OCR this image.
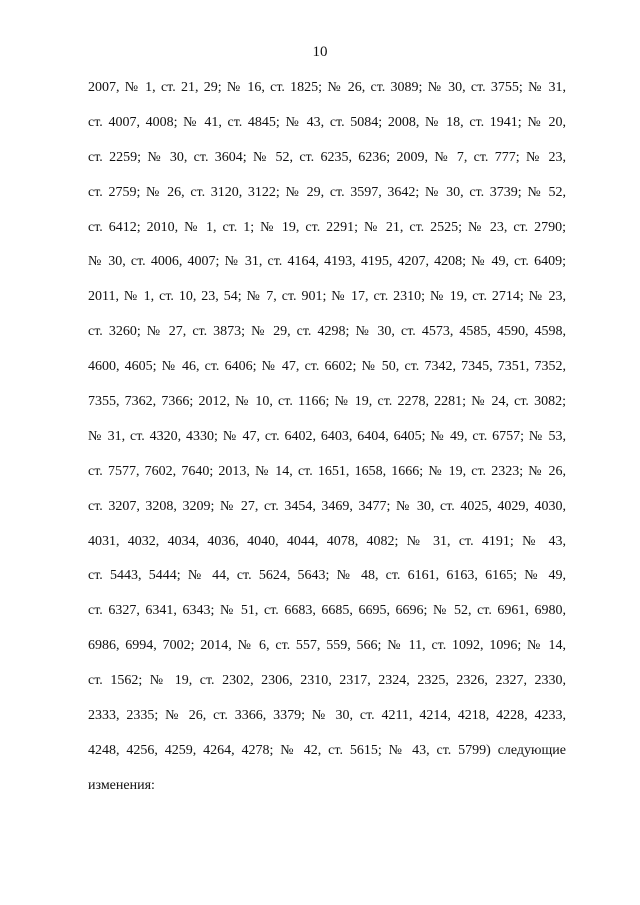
10
2007, № 1, ст. 21, 29; № 16, ст. 1825; № 26, ст. 3089; № 30, ст. 3755; № 31,
ст. 4007, 4008; № 41, ст. 4845; № 43, ст. 5084; 2008, № 18, ст. 1941; № 20,
ст. 2259; № 30, ст. 3604; № 52, ст. 6235, 6236; 2009, № 7, ст. 777; № 23,
ст. 2759; № 26, ст. 3120, 3122; № 29, ст. 3597, 3642; № 30, ст. 3739; № 52,
ст. 6412; 2010, № 1, ст. 1; № 19, ст. 2291; № 21, ст. 2525; № 23, ст. 2790;
№ 30, ст. 4006, 4007; № 31, ст. 4164, 4193, 4195, 4207, 4208; № 49, ст. 6409;
2011, № 1, ст. 10, 23, 54; № 7, ст. 901; № 17, ст. 2310; № 19, ст. 2714; № 23,
ст. 3260; № 27, ст. 3873; № 29, ст. 4298; № 30, ст. 4573, 4585, 4590, 4598,
4600, 4605; № 46, ст. 6406; № 47, ст. 6602; № 50, ст. 7342, 7345, 7351, 7352,
7355, 7362, 7366; 2012, № 10, ст. 1166; № 19, ст. 2278, 2281; № 24, ст. 3082;
№ 31, ст. 4320, 4330; № 47, ст. 6402, 6403, 6404, 6405; № 49, ст. 6757; № 53,
ст. 7577, 7602, 7640; 2013, № 14, ст. 1651, 1658, 1666; № 19, ст. 2323; № 26,
ст. 3207, 3208, 3209; № 27, ст. 3454, 3469, 3477; № 30, ст. 4025, 4029, 4030,
4031, 4032, 4034, 4036, 4040, 4044, 4078, 4082; № 31, ст. 4191; № 43,
ст. 5443, 5444; № 44, ст. 5624, 5643; № 48, ст. 6161, 6163, 6165; № 49,
ст. 6327, 6341, 6343; № 51, ст. 6683, 6685, 6695, 6696; № 52, ст. 6961, 6980,
6986, 6994, 7002; 2014, № 6, ст. 557, 559, 566; № 11, ст. 1092, 1096; № 14,
ст. 1562; № 19, ст. 2302, 2306, 2310, 2317, 2324, 2325, 2326, 2327, 2330,
2333, 2335; № 26, ст. 3366, 3379; № 30, ст. 4211, 4214, 4218, 4228, 4233,
4248, 4256, 4259, 4264, 4278; № 42, ст. 5615; № 43, ст. 5799) следующие
изменения:
